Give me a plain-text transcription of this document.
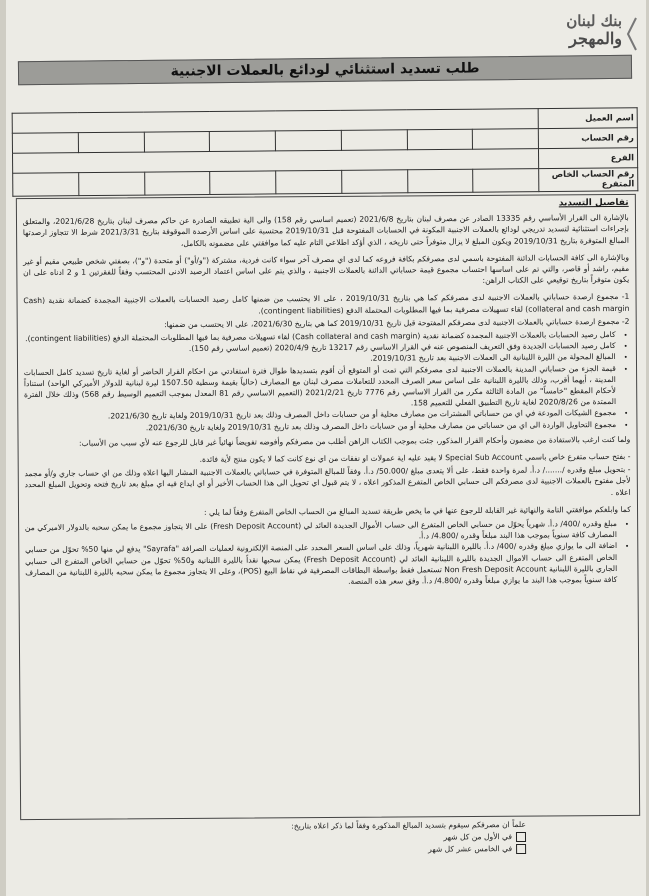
بنك لبنان
والمهجر
طلب تسديد استثنائي لودائع بالعملات الاجنبية
اسم العميل								
رقم الحساب								
الفرع								
رقم الحساب الخاص المتفرع								
تفاصيل التسديد

بالإشارة الى القرار الأساسي رقم 13335 الصادر عن مصرف لبنان بتاريخ 2021/6/8 (تعميم اساسي رقم 158) والى الية تطبيقه الصادرة عن حاكم مصرف لبنان بتاريخ 2021/6/28، والمتعلق بإجراءات استثنائية لتسديد تدريجي لودائع بالعملات الاجنبية المكونة في الحسابات المفتوحة قبل 2019/10/31 محتسبة على اساس الأرصدة الموقوفة بتاريخ 2021/3/31 شرط الا تتجاوز ارصدتها المبالغ المتوفرة بتاريخ 2019/10/31 ويكون المبلغ لا يزال متوفراً حتى تاريخه ، الذي أؤكد اطلاعي التام عليه كما موافقتي على مضمونه بالكامل،

وبالإشارة الى كافة الحسابات الدائنة المفتوحة باسمي لدى مصرفكم بكافة فروعه كما لدى اي مصرف آخر سواء كانت فردية، مشتركة ("و/أو") أو متحدة ("و")، بصفتي شخص طبيعي مقيم أو غير مقيم، راشد أو قاصر، والتي تم على اساسها احتساب مجموع قيمة حساباتي الدائنة بالعملات الاجنبية ، والذي يتم على اساس اعتماد الرصيد الادنى المحتسب وفقاً للفقرتين 1 و 2 ادناه على ان يكون متوفراً بتاريخ توقيعي على الكتاب الراهن:

1- مجموع ارصدة حساباتي بالعملات الاجنبية لدى مصرفكم كما هي بتاريخ 2019/10/31 ، على الا يحتسب من ضمنها كامل رصيد الحسابات بالعملات الاجنبية المجمدة كضمانة نقدية (Cash collateral and cash margin) لقاء تسهيلات مصرفية بما فيها المطلوبات المحتملة الدفع (contingent liabilities).

2- مجموع ارصدة حساباتي بالعملات الاجنبية لدى مصرفكم المفتوحة قبل تاريخ 2019/10/31 كما هي بتاريخ 2021/6/30، على الا يحتسب من ضمنها:

• كامل رصيد الحسابات بالعملات الاجنبية المجمدة كضمانة نقدية (Cash collateral and cash margin) لقاء تسهيلات مصرفية بما فيها المطلوبات المحتملة الدفع (contingent liabilities).
• كامل رصيد الحسابات الجديدة وفق التعريف المنصوص عنه في القرار الاساسي رقم 13217 تاريخ 2020/4/9 (تعميم اساسي رقم 150).
• المبالغ المحولة من الليرة اللبنانية الى العملات الاجنبية بعد تاريخ 2019/10/31.
• قيمة الجزء من حساباتي المدينة بالعملات الاجنبية لدى مصرفكم التي تمت أو المتوقع أن أقوم بتسديدها طوال فترة استفادتي من احكام القرار الحاضر أو لغاية تاريخ تسديد كامل الحسابات المدينة ، أيهما أقرب، وذلك بالليرة اللبنانية على اساس سعر الصرف المحدد للتعاملات مصرف لبنان مع المصارف (حالياً بقيمة وسطية 1507.50 ليرة لبنانية للدولار الأميركي الواحد) استناداً لأحكام المقطع "خامساً" من المادة الثالثة مكرر من القرار الاساسي رقم 7776 تاريخ 2021/2/21 (التعميم الاساسي رقم 81 المعدل بموجب التعميم الوسيط رقم 568) وذلك خلال الفترة الممتدة من 2020/8/26 لغاية تاريخ التطبيق الفعلي للتعميم 158.
• مجموع الشيكات المودعة في اي من حساباتي المشترات من مصارف محلية أو من حسابات داخل المصرف وذلك بعد تاريخ 2019/10/31 ولغاية تاريخ 2021/6/30.
• مجموع التحاويل الواردة الى اي من حساباتي من مصارف محلية أو من حسابات داخل المصرف وذلك بعد تاريخ 2019/10/31 ولغاية تاريخ 2021/6/30.

ولما كنت ارغب بالاستفادة من مضمون وأحكام القرار المذكور، جئت بموجب الكتاب الراهن أطلب من مصرفكم وأفوضه تفويضاً نهائياً غير قابل للرجوع عنه لأي سبب من الأسباب:

- بفتح حساب متفرع خاص باسمي Special Sub Account لا يقيد عليه اية عمولات او نفقات من اي نوع كانت كما لا يكون منتج لأية فائدة.

- بتحويل مبلغ وقدره /......./ د.أ. لمرة واحدة فقط، على ألا يتعدى مبلغ /50.000/ د.أ. وفقاً للمبالغ المتوفرة في حساباتي بالعملات الاجنبية المشار اليها اعلاه وذلك من اي حساب جاري و/أو مجمد لأجل مفتوح بالعملات الاجنبية لدى مصرفكم الى حسابي الخاص المتفرع المذكور اعلاه ، لا يتم قبول اي تحويل الى هذا الحساب الأخير أو اي ايداع فيه اي مبلغ بعد تاريخ فتحه وتحويل المبلغ المحدد اعلاه .

كما وابلغكم موافقتي التامة والنهائية غير القابلة للرجوع عنها في ما يخص طريقة تسديد المبالغ من الحساب الخاص المتفرع وفقاً لما يلي :

• مبلغ وقدره /400/ د.أ. شهرياً يحوّل من حسابي الخاص المتفرع الى حساب الأموال الجديدة العائد لي (Fresh Deposit Account) على الا يتجاوز مجموع ما يمكن سحبه بالدولار الاميركي من المصارف كافة سنوياً بموجب هذا البند مبلغاً وقدره /4.800/ د.أ.
• اضافة الى ما يوازي مبلغ وقدره /400/ د.أ. بالليرة اللبنانية شهرياً، وذلك على اساس السعر المحدد على المنصة الإلكترونية لعمليات الصرافة "Sayrafa" يدفع لي منها 50% تحوّل من حسابي الخاص المتفرع الى حساب الاموال الجديدة بالليرة اللبنانية العائد لي (Fresh Deposit Account) يمكن سحبها نقداً بالليرة اللبنانية و50% تحوّل من حسابي الخاص المتفرع الى حسابي الجاري بالليرة اللبنانية Non Fresh Deposit Account تستعمل فقط بواسطة البطاقات المصرفية في نقاط البيع (POS)، وعلى الا يتجاوز مجموع ما يمكن سحبه بالليرة اللبنانية من المصارف كافة سنوياً بموجب هذا البند ما يوازي مبلغاً وقدره /4.800/ د.أ. وفق سعر هذه المنصة.
علماً ان مصرفكم سيقوم بتسديد المبالغ المذكورة وفقاً لما ذكر اعلاه بتاريخ:
في الأول من كل شهر
في الخامس عشر كل شهر
